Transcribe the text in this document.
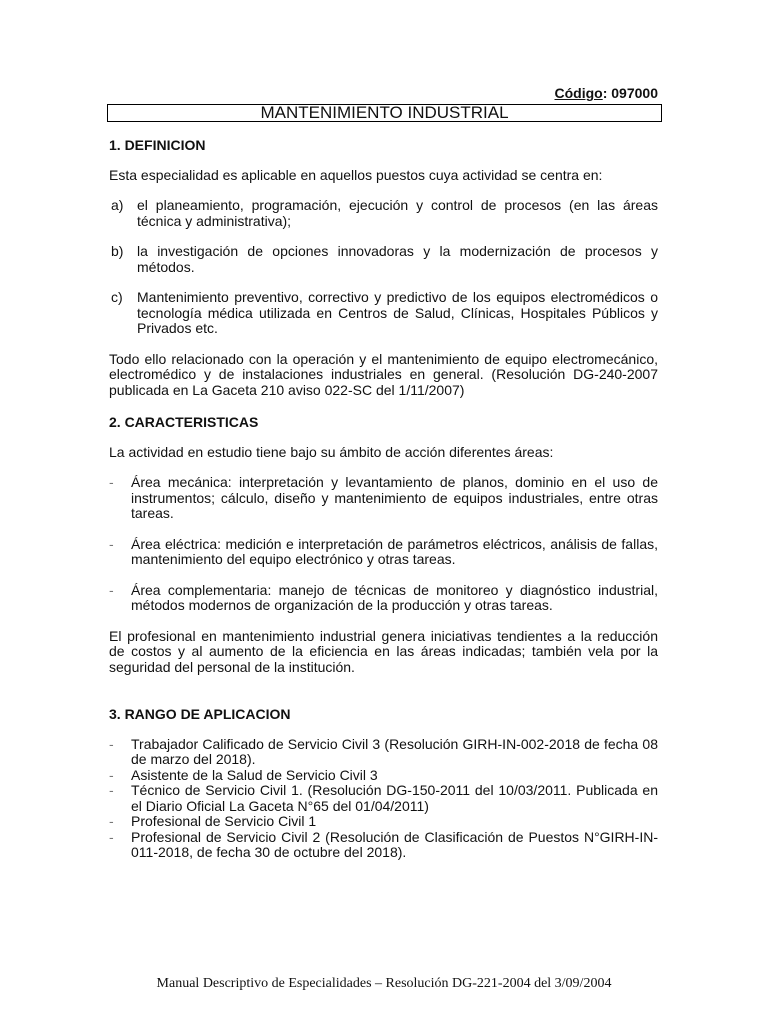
Código: 097000
MANTENIMIENTO INDUSTRIAL

1. DEFINICION

Esta especialidad es aplicable en aquellos puestos cuya actividad se centra en:

a) el planeamiento, programación, ejecución y control de procesos (en las áreas técnica y administrativa);
b) la investigación de opciones innovadoras y la modernización de procesos y métodos.
c)	Mantenimiento preventivo, correctivo y predictivo de los equipos electromédicos o tecnología médica utilizada en Centros de Salud, Clínicas, Hospitales Públicos y Privados etc.

Todo ello relacionado con la operación y el mantenimiento de equipo electromecánico, electromédico y de instalaciones industriales en general. (Resolución DG-240-2007 publicada en La Gaceta 210 aviso 022-SC del 1/11/2007)

2. CARACTERISTICAS

La actividad en estudio tiene bajo su ámbito de acción diferentes áreas:

-	Área mecánica: interpretación y levantamiento de planos, dominio en el uso de instrumentos; cálculo, diseño y mantenimiento de equipos industriales, entre otras tareas.
-	Área eléctrica: medición e interpretación de parámetros eléctricos, análisis de fallas, mantenimiento del equipo electrónico y otras tareas.
-	Área complementaria: manejo de técnicas de monitoreo y diagnóstico industrial, métodos modernos de organización de la producción y otras tareas.

El profesional en mantenimiento industrial genera iniciativas tendientes a la reducción de costos y al aumento de la eficiencia en las áreas indicadas; también vela por la seguridad del personal de la institución.

3. RANGO DE APLICACION

-	Trabajador Calificado de Servicio Civil 3 (Resolución GIRH-IN-002-2018 de fecha 08 de marzo del 2018).
-	Asistente de la Salud de Servicio Civil 3
-	Técnico de Servicio Civil 1. (Resolución DG-150-2011 del 10/03/2011. Publicada en el Diario Oficial La Gaceta N°65 del 01/04/2011)
-	Profesional de Servicio Civil 1
-	Profesional de Servicio Civil 2 (Resolución de Clasificación de Puestos N°GIRH-IN-011-2018, de fecha 30 de octubre del 2018).
Manual Descriptivo de Especialidades – Resolución DG-221-2004 del 3/09/2004
